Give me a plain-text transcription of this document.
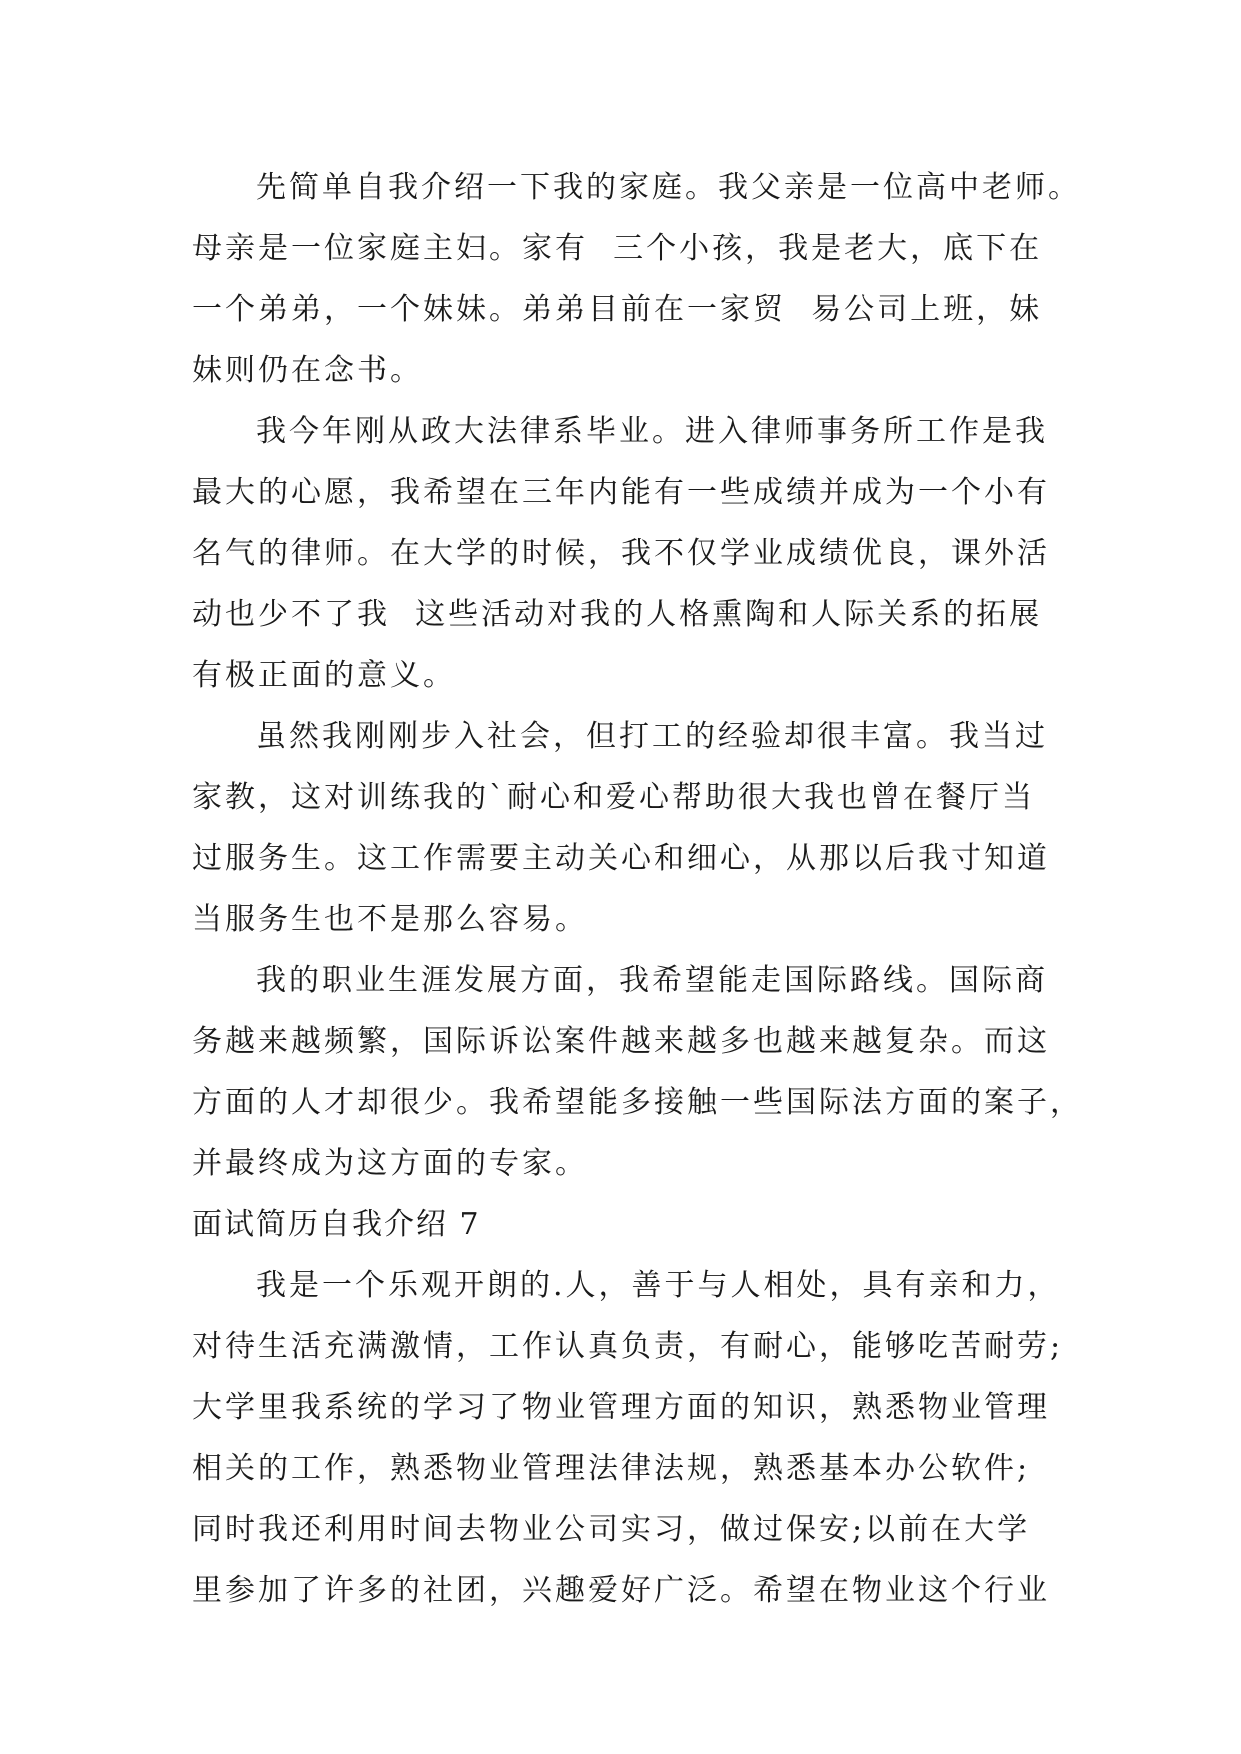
先简单自我介绍一下我的家庭。我父亲是一位高中老师。
母亲是一位家庭主妇。家有  三个小孩，我是老大，底下在
一个弟弟，一个妹妹。弟弟目前在一家贸  易公司上班，妹
妹则仍在念书。
我今年刚从政大法律系毕业。进入律师事务所工作是我
最大的心愿，我希望在三年内能有一些成绩并成为一个小有
名气的律师。在大学的时候，我不仅学业成绩优良，课外活
动也少不了我  这些活动对我的人格熏陶和人际关系的拓展
有极正面的意义。
虽然我刚刚步入社会，但打工的经验却很丰富。我当过
家教，这对训练我的`耐心和爱心帮助很大我也曾在餐厅当
过服务生。这工作需要主动关心和细心，从那以后我寸知道
当服务生也不是那么容易。
我的职业生涯发展方面，我希望能走国际路线。国际商
务越来越频繁，国际诉讼案件越来越多也越来越复杂。而这
方面的人才却很少。我希望能多接触一些国际法方面的案子，
并最终成为这方面的专家。
面试简历自我介绍 7
我是一个乐观开朗的.人，善于与人相处，具有亲和力，
对待生活充满激情，工作认真负责，有耐心，能够吃苦耐劳;
大学里我系统的学习了物业管理方面的知识，熟悉物业管理
相关的工作，熟悉物业管理法律法规，熟悉基本办公软件;
同时我还利用时间去物业公司实习，做过保安;以前在大学
里参加了许多的社团，兴趣爱好广泛。希望在物业这个行业
